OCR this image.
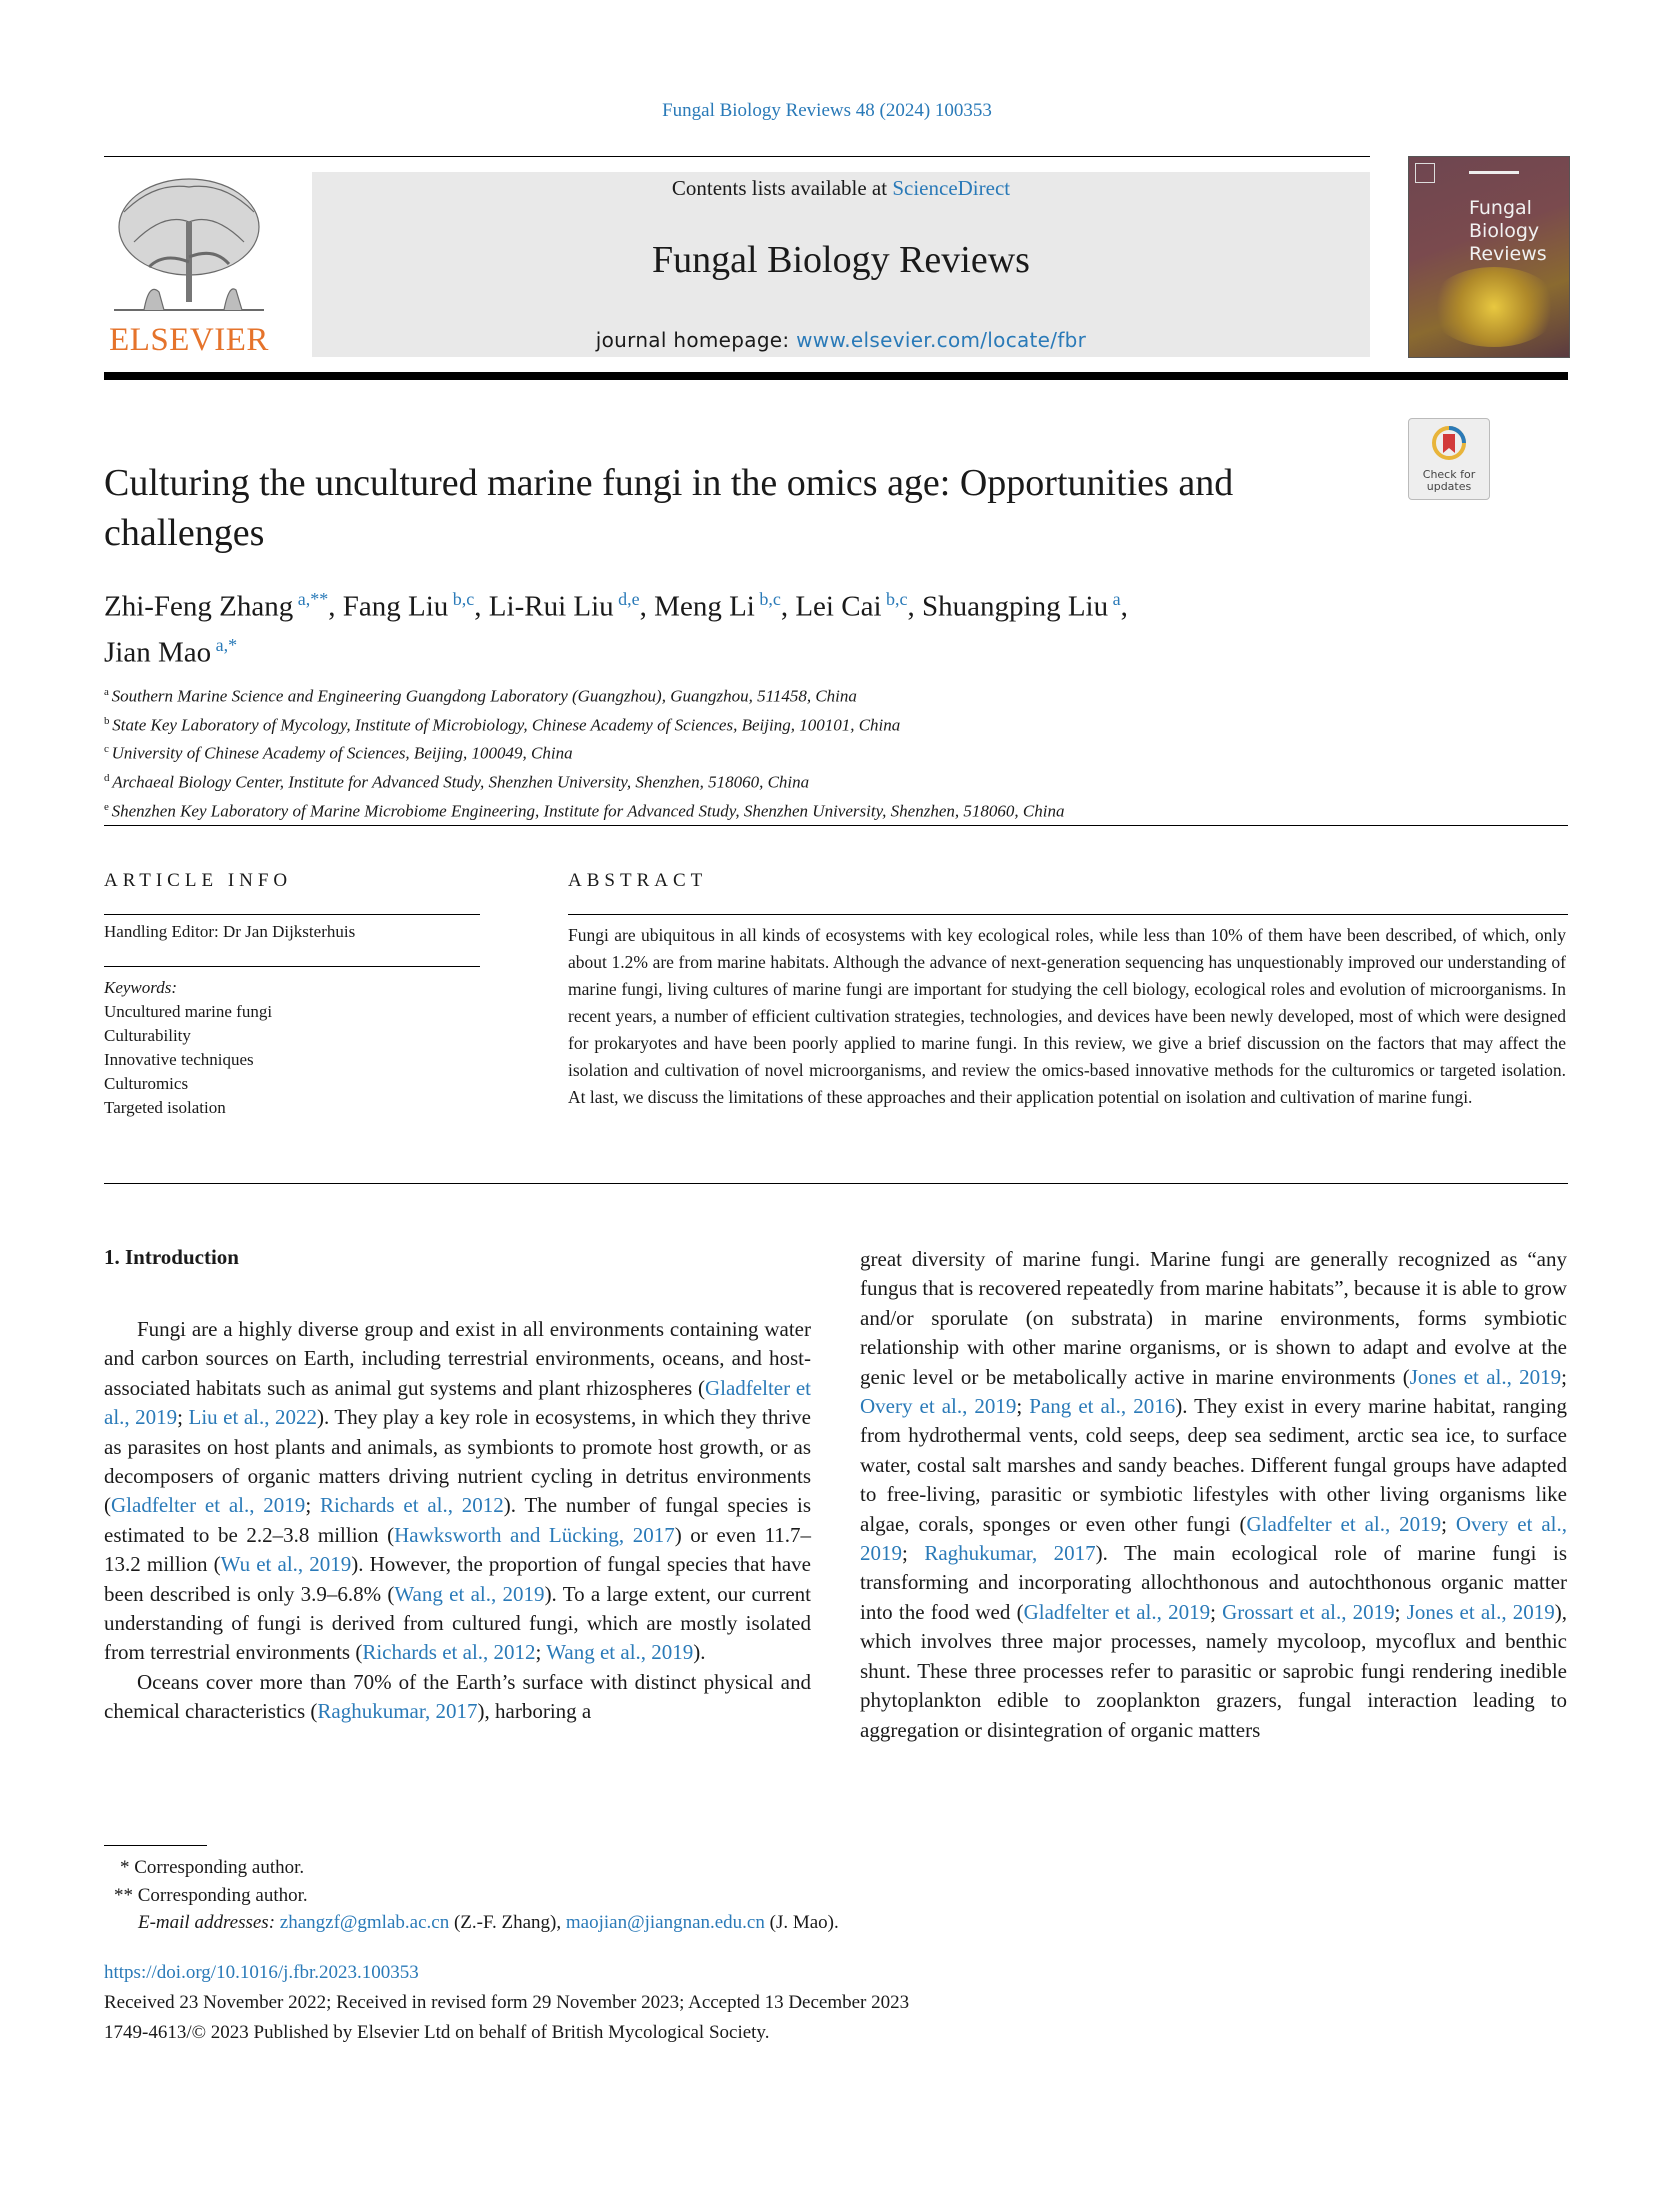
Fungal Biology Reviews 48 (2024) 100353
ELSEVIER
Contents lists available at ScienceDirect
Fungal Biology Reviews
journal homepage: www.elsevier.com/locate/fbr
Fungal Biology Reviews
Check for updates
Culturing the uncultured marine fungi in the omics age: Opportunities and challenges
Zhi-Feng Zhang $^{a,**}$, Fang Liu $^{b,c}$, Li-Rui Liu $^{d,e}$, Meng Li $^{b,c}$, Lei Cai $^{b,c}$, Shuangping Liu $^a$,
Jian Mao $^{a,*}$
$^a$ Southern Marine Science and Engineering Guangdong Laboratory (Guangzhou), Guangzhou, 511458, China
$^b$ State Key Laboratory of Mycology, Institute of Microbiology, Chinese Academy of Sciences, Beijing, 100101, China
$^c$ University of Chinese Academy of Sciences, Beijing, 100049, China
$^d$ Archaeal Biology Center, Institute for Advanced Study, Shenzhen University, Shenzhen, 518060, China
$^e$ Shenzhen Key Laboratory of Marine Microbiome Engineering, Institute for Advanced Study, Shenzhen University, Shenzhen, 518060, China
ARTICLE INFO
Handling Editor: Dr Jan Dijksterhuis
Keywords:
Uncultured marine fungi
Culturability
Innovative techniques
Culturomics
Targeted isolation
ABSTRACT
Fungi are ubiquitous in all kinds of ecosystems with key ecological roles, while less than 10% of them have been described, of which, only about 1.2% are from marine habitats. Although the advance of next-generation sequencing has unquestionably improved our understanding of marine fungi, living cultures of marine fungi are important for studying the cell biology, ecological roles and evolution of microorganisms. In recent years, a number of efficient cultivation strategies, technologies, and devices have been newly developed, most of which were designed for prokaryotes and have been poorly applied to marine fungi. In this review, we give a brief discussion on the factors that may affect the isolation and cultivation of novel microorganisms, and review the omics-based innovative methods for the culturomics or targeted isolation. At last, we discuss the limitations of these approaches and their application potential on isolation and cultivation of marine fungi.
1. Introduction

Fungi are a highly diverse group and exist in all environments containing water and carbon sources on Earth, including terrestrial environments, oceans, and host-associated habitats such as animal gut systems and plant rhizospheres (Gladfelter et al., 2019; Liu et al., 2022). They play a key role in ecosystems, in which they thrive as parasites on host plants and animals, as symbionts to promote host growth, or as decomposers of organic matters driving nutrient cycling in detritus environments (Gladfelter et al., 2019; Richards et al., 2012). The number of fungal species is estimated to be 2.2–3.8 million (Hawksworth and Lücking, 2017) or even 11.7–13.2 million (Wu et al., 2019). However, the proportion of fungal species that have been described is only 3.9–6.8% (Wang et al., 2019). To a large extent, our current understanding of fungi is derived from cultured fungi, which are mostly isolated from terrestrial environments (Richards et al., 2012; Wang et al., 2019).

Oceans cover more than 70% of the Earth’s surface with distinct physical and chemical characteristics (Raghukumar, 2017), harboring a

great diversity of marine fungi. Marine fungi are generally recognized as “any fungus that is recovered repeatedly from marine habitats”, because it is able to grow and/or sporulate (on substrata) in marine environments, forms symbiotic relationship with other marine organisms, or is shown to adapt and evolve at the genic level or be metabolically active in marine environments (Jones et al., 2019; Overy et al., 2019; Pang et al., 2016). They exist in every marine habitat, ranging from hydrothermal vents, cold seeps, deep sea sediment, arctic sea ice, to surface water, costal salt marshes and sandy beaches. Different fungal groups have adapted to free-living, parasitic or symbiotic lifestyles with other living organisms like algae, corals, sponges or even other fungi (Gladfelter et al., 2019; Overy et al., 2019; Raghukumar, 2017). The main ecological role of marine fungi is transforming and incorporating allochthonous and autochthonous organic matter into the food wed (Gladfelter et al., 2019; Grossart et al., 2019; Jones et al., 2019), which involves three major processes, namely mycoloop, mycoflux and benthic shunt. These three processes refer to parasitic or saprobic fungi rendering inedible phytoplankton edible to zooplankton grazers, fungal interaction leading to aggregation or disintegration of organic matters

* Corresponding author.
** Corresponding author.
E-mail addresses: zhangzf@gmlab.ac.cn (Z.-F. Zhang), maojian@jiangnan.edu.cn (J. Mao).
https://doi.org/10.1016/j.fbr.2023.100353
Received 23 November 2022; Received in revised form 29 November 2023; Accepted 13 December 2023
1749-4613/© 2023 Published by Elsevier Ltd on behalf of British Mycological Society.
